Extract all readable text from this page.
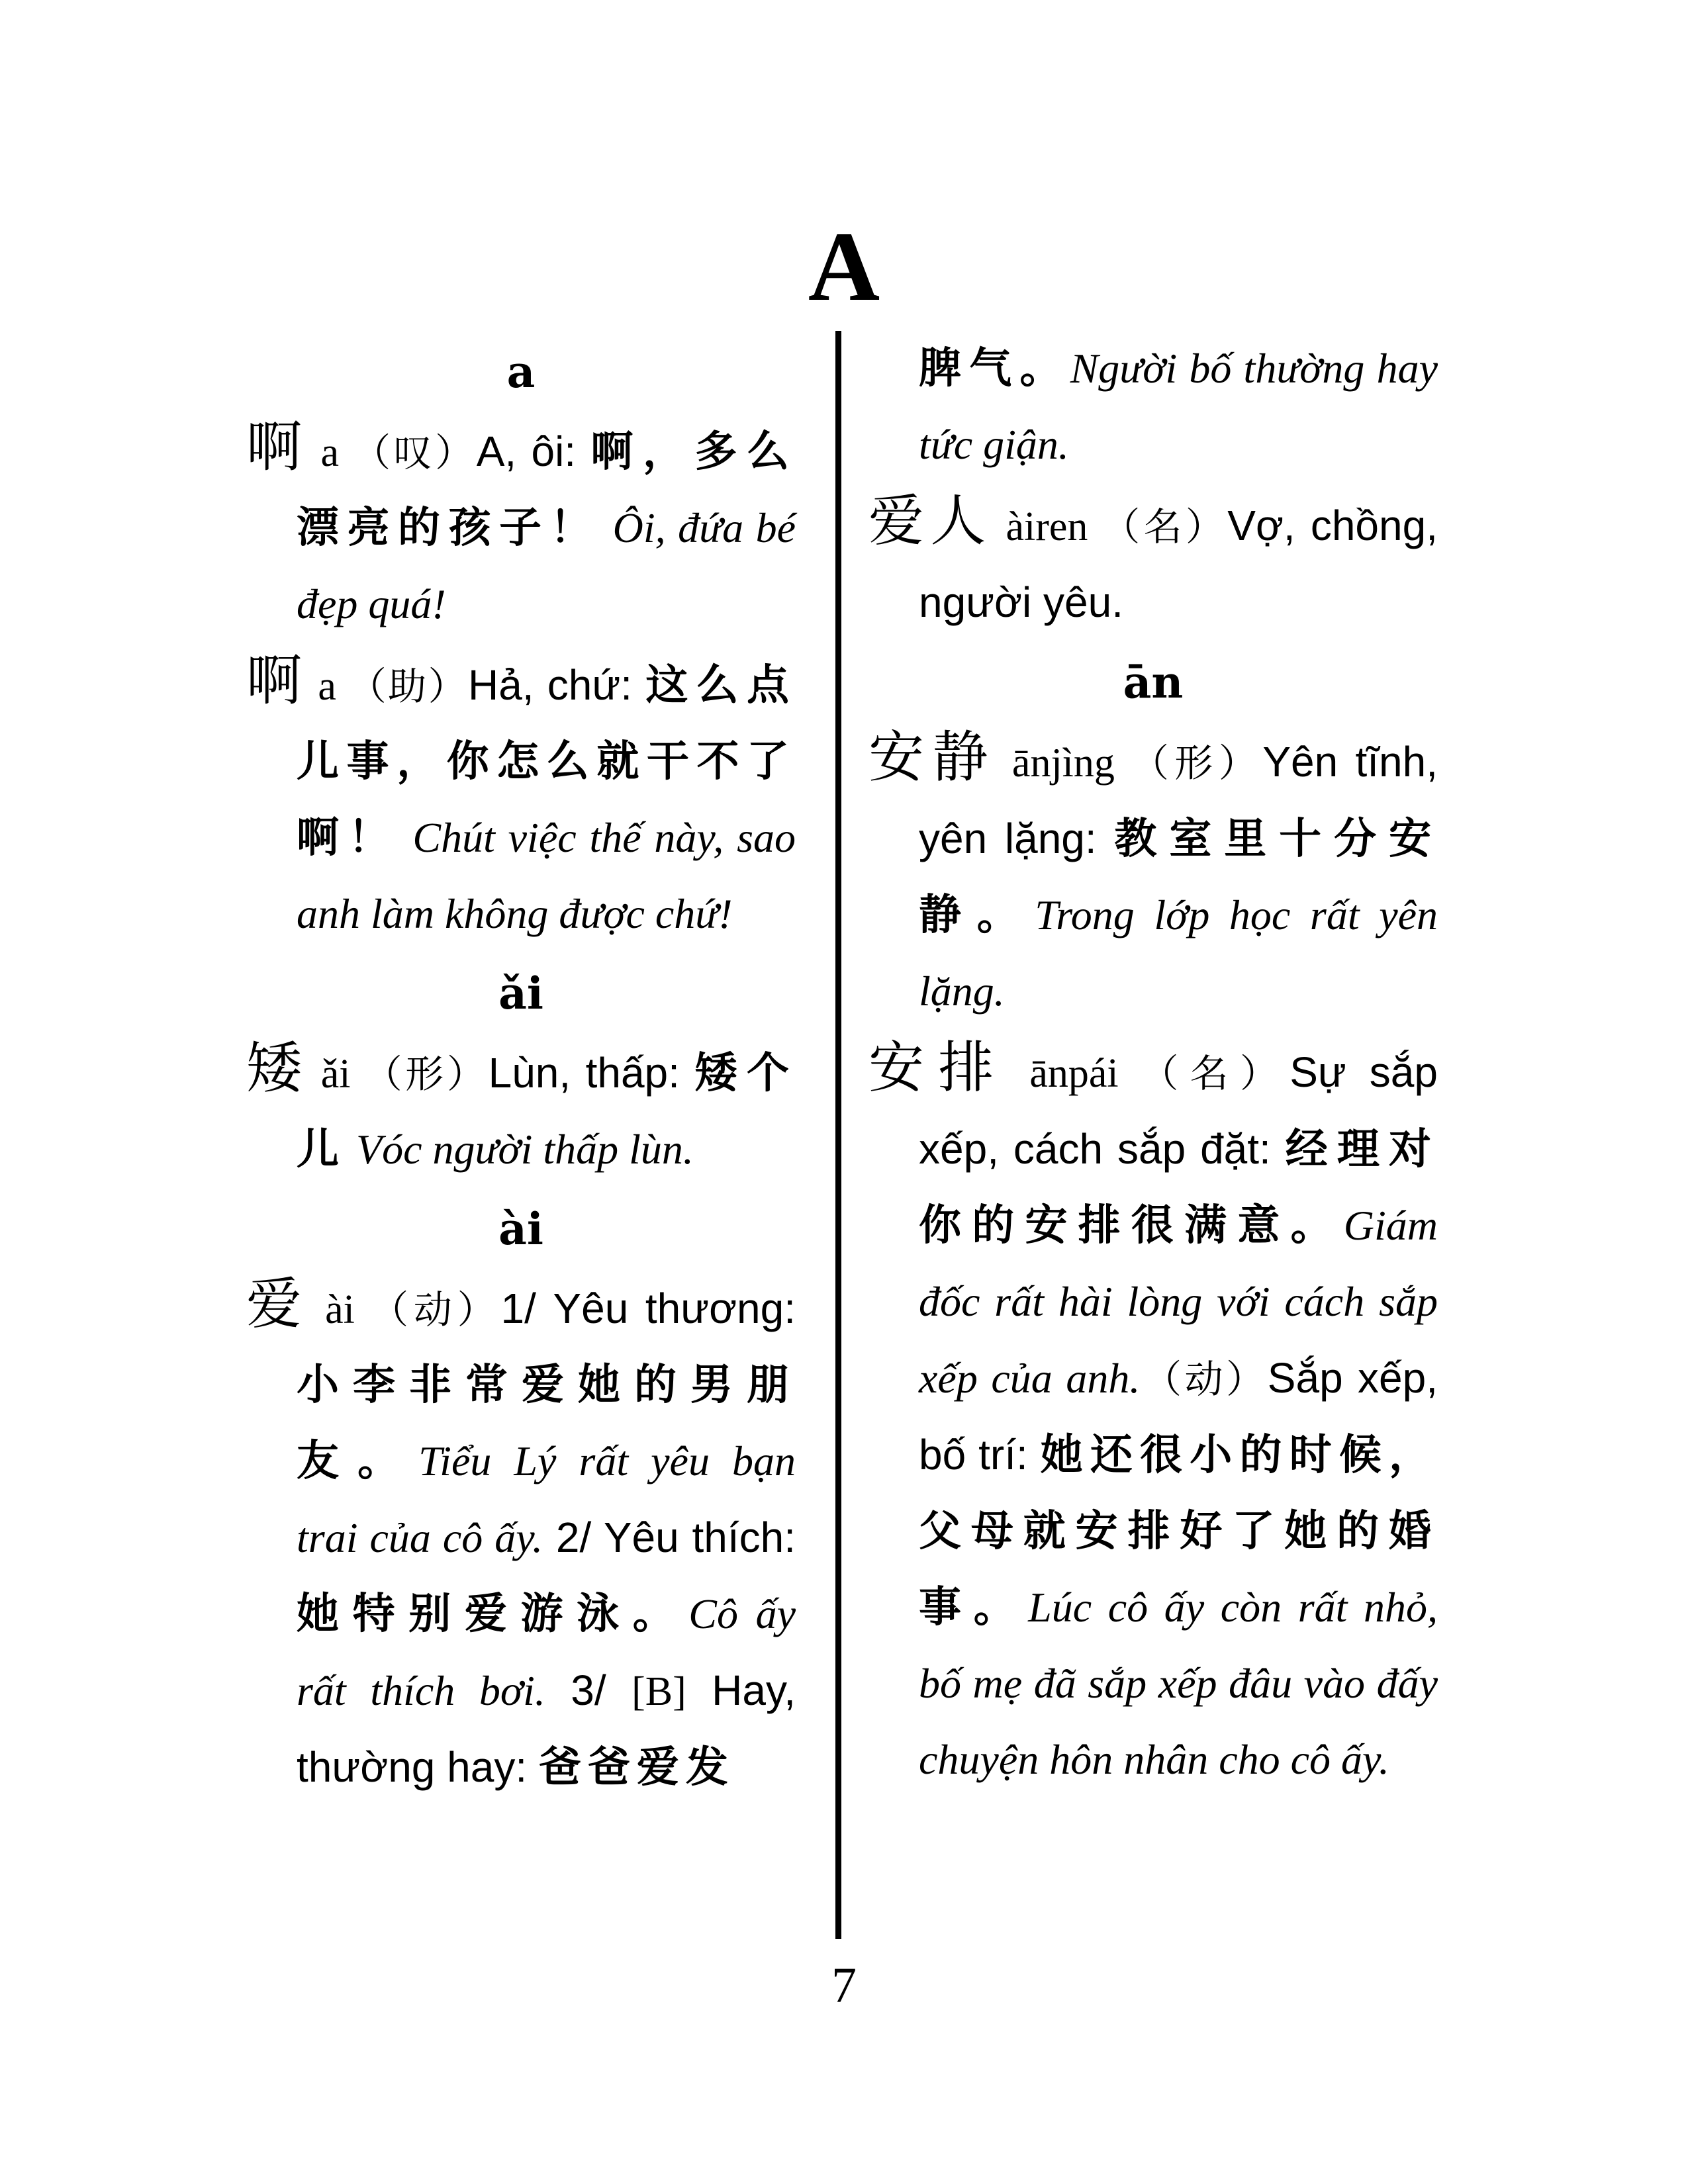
A
a
啊 a （叹）A, ôi: 啊，多么漂亮的孩子！ Ôi, đứa bé đẹp quá!
啊 a （助）Hả, chứ: 这么点儿事，你怎么就干不了啊！ Chút việc thế này, sao anh làm không được chứ!
ǎi
矮 ǎi （形）Lùn, thấp: 矮个儿 Vóc người thấp lùn.
ài
爱 ài （动）1/ Yêu thương: 小李非常爱她的男朋友。Tiểu Lý rất yêu bạn trai của cô ấy. 2/ Yêu thích: 她特别爱游泳。Cô ấy rất thích bơi. 3/ [B] Hay, thường hay: 爸爸爱发
脾气。Người bố thường hay tức giận.
爱人 àiren （名）Vợ, chồng, người yêu.
ān
安静 ānjìng （形）Yên tĩnh, yên lặng: 教室里十分安静。Trong lớp học rất yên lặng.
安排 ānpái （名）Sự sắp xếp, cách sắp đặt: 经理对你的安排很满意。Giám đốc rất hài lòng với cách sắp xếp của anh.（动）Sắp xếp, bố trí: 她还很小的时候，父母就安排好了她的婚事。Lúc cô ấy còn rất nhỏ, bố mẹ đã sắp xếp đâu vào đấy chuyện hôn nhân cho cô ấy.
7
